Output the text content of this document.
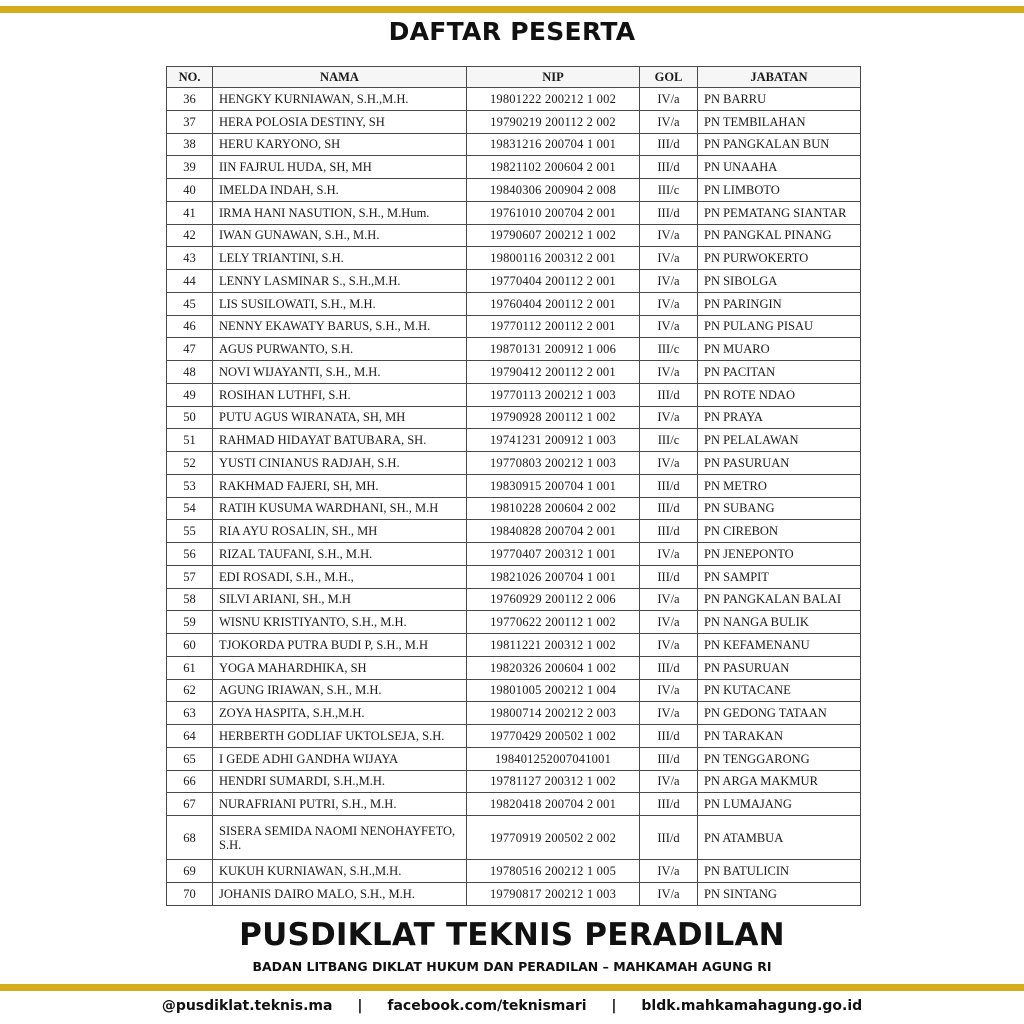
DAFTAR PESERTA
NO.	NAMA	NIP	GOL	JABATAN
36	HENGKY KURNIAWAN, S.H.,M.H.	19801222 200212 1 002	IV/a	PN BARRU
37	HERA POLOSIA DESTINY, SH	19790219 200112 2 002	IV/a	PN TEMBILAHAN
38	HERU KARYONO, SH	19831216 200704 1 001	III/d	PN PANGKALAN BUN
39	IIN FAJRUL HUDA, SH, MH	19821102 200604 2 001	III/d	PN UNAAHA
40	IMELDA INDAH, S.H.	19840306 200904 2 008	III/c	PN LIMBOTO
41	IRMA HANI NASUTION, S.H., M.Hum.	19761010 200704 2 001	III/d	PN PEMATANG SIANTAR
42	IWAN GUNAWAN, S.H., M.H.	19790607 200212 1 002	IV/a	PN PANGKAL PINANG
43	LELY TRIANTINI, S.H.	19800116 200312 2 001	IV/a	PN PURWOKERTO
44	LENNY LASMINAR S., S.H.,M.H.	19770404 200112 2 001	IV/a	PN SIBOLGA
45	LIS SUSILOWATI, S.H., M.H.	19760404 200112 2 001	IV/a	PN PARINGIN
46	NENNY EKAWATY BARUS, S.H., M.H.	19770112 200112 2 001	IV/a	PN PULANG PISAU
47	AGUS PURWANTO, S.H.	19870131 200912 1 006	III/c	PN MUARO
48	NOVI WIJAYANTI, S.H., M.H.	19790412 200112 2 001	IV/a	PN PACITAN
49	ROSIHAN LUTHFI, S.H.	19770113 200212 1 003	III/d	PN ROTE NDAO
50	PUTU AGUS WIRANATA, SH, MH	19790928 200112 1 002	IV/a	PN PRAYA
51	RAHMAD HIDAYAT BATUBARA, SH.	19741231 200912 1 003	III/c	PN PELALAWAN
52	YUSTI CINIANUS RADJAH, S.H.	19770803 200212 1 003	IV/a	PN PASURUAN
53	RAKHMAD FAJERI, SH, MH.	19830915 200704 1 001	III/d	PN METRO
54	RATIH KUSUMA WARDHANI, SH., M.H	19810228 200604 2 002	III/d	PN SUBANG
55	RIA AYU ROSALIN, SH., MH	19840828 200704 2 001	III/d	PN CIREBON
56	RIZAL TAUFANI, S.H., M.H.	19770407 200312 1 001	IV/a	PN JENEPONTO
57	EDI ROSADI, S.H., M.H.,	19821026 200704 1 001	III/d	PN SAMPIT
58	SILVI ARIANI, SH., M.H	19760929 200112 2 006	IV/a	PN PANGKALAN BALAI
59	WISNU KRISTIYANTO, S.H., M.H.	19770622 200112 1 002	IV/a	PN NANGA BULIK
60	TJOKORDA PUTRA BUDI P, S.H., M.H	19811221 200312 1 002	IV/a	PN KEFAMENANU
61	YOGA MAHARDHIKA, SH	19820326 200604 1 002	III/d	PN PASURUAN
62	AGUNG IRIAWAN, S.H., M.H.	19801005 200212 1 004	IV/a	PN KUTACANE
63	ZOYA HASPITA, S.H.,M.H.	19800714 200212 2 003	IV/a	PN GEDONG TATAAN
64	HERBERTH GODLIAF UKTOLSEJA, S.H.	19770429 200502 1 002	III/d	PN TARAKAN
65	I GEDE ADHI GANDHA WIJAYA	198401252007041001	III/d	PN TENGGARONG
66	HENDRI SUMARDI, S.H.,M.H.	19781127 200312 1 002	IV/a	PN ARGA MAKMUR
67	NURAFRIANI PUTRI, S.H., M.H.	19820418 200704 2 001	III/d	PN LUMAJANG
68	SISERA SEMIDA NAOMI NENOHAYFETO, S.H.	19770919 200502 2 002	III/d	PN ATAMBUA
69	KUKUH KURNIAWAN, S.H.,M.H.	19780516 200212 1 005	IV/a	PN BATULICIN
70	JOHANIS DAIRO MALO, S.H., M.H.	19790817 200212 1 003	IV/a	PN SINTANG
PUSDIKLAT TEKNIS PERADILAN
BADAN LITBANG DIKLAT HUKUM DAN PERADILAN – MAHKAMAH AGUNG RI
@pusdiklat.teknis.ma | facebook.com/teknismari | bldk.mahkamahagung.go.id
